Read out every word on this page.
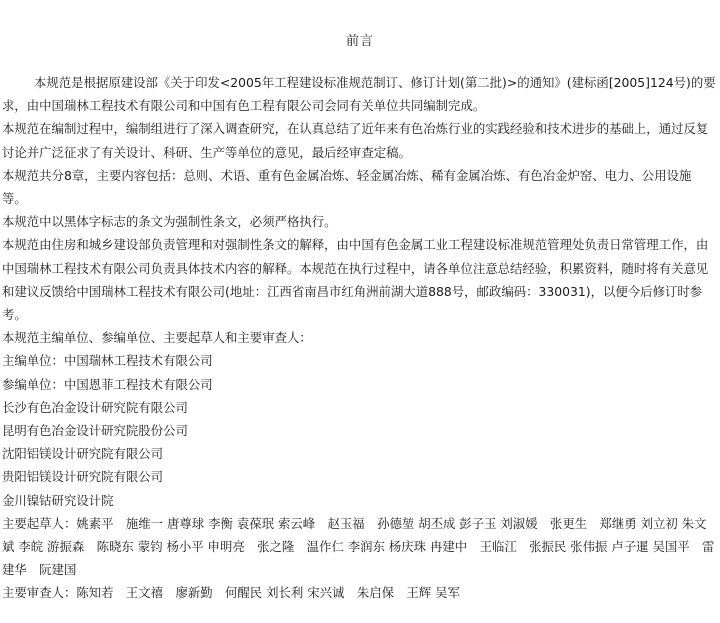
前言

本规范是根据原建设部《关于印发<2005年工程建设标准规范制订、修订计划(第二批)>的通知》(建标函[2005]124号)的要求，由中国瑞林工程技术有限公司和中国有色工程有限公司会同有关单位共同编制完成。

本规范在编制过程中，编制组进行了深入调查研究，在认真总结了近年来有色冶炼行业的实践经验和技术进步的基础上，通过反复讨论并广泛征求了有关设计、科研、生产等单位的意见，最后经审查定稿。

本规范共分8章，主要内容包括：总则、术语、重有色金属冶炼、轻金属冶炼、稀有金属冶炼、有色冶金炉窑、电力、公用设施等。

本规范中以黑体字标志的条文为强制性条文，必须严格执行。

本规范由住房和城乡建设部负责管理和对强制性条文的解释，由中国有色金属工业工程建设标准规范管理处负责日常管理工作，由中国瑞林工程技术有限公司负责具体技术内容的解释。本规范在执行过程中，请各单位注意总结经验，积累资料，随时将有关意见和建议反馈给中国瑞林工程技术有限公司(地址：江西省南昌市红角洲前湖大道888号，邮政编码：330031)，以便今后修订时参考。

本规范主编单位、参编单位、主要起草人和主要审查人：

主编单位：中国瑞林工程技术有限公司

参编单位：中国恩菲工程技术有限公司

长沙有色冶金设计研究院有限公司

昆明有色冶金设计研究院股份公司

沈阳铝镁设计研究院有限公司

贵阳铝镁设计研究院有限公司

金川镍钴研究设计院

主要起草人：姚素平　施维一 唐尊球 李衡 袁葆珉 索云峰　赵玉福　孙德堃 胡丕成 彭子玉 刘淑媛　张更生　郑继勇 刘立初 朱文斌 李皖 游振森　陈晓东 蒙钧 杨小平 申明亮　张之隆　温作仁 李润东 杨庆珠 冉建中　王临江　张振民 张伟振 卢子暹 吴国平　雷建华　阮建国

主要审查人：陈知若　王文禧　廖新勤　何醒民 刘长利 宋兴诚　朱启保　王辉 吴军
